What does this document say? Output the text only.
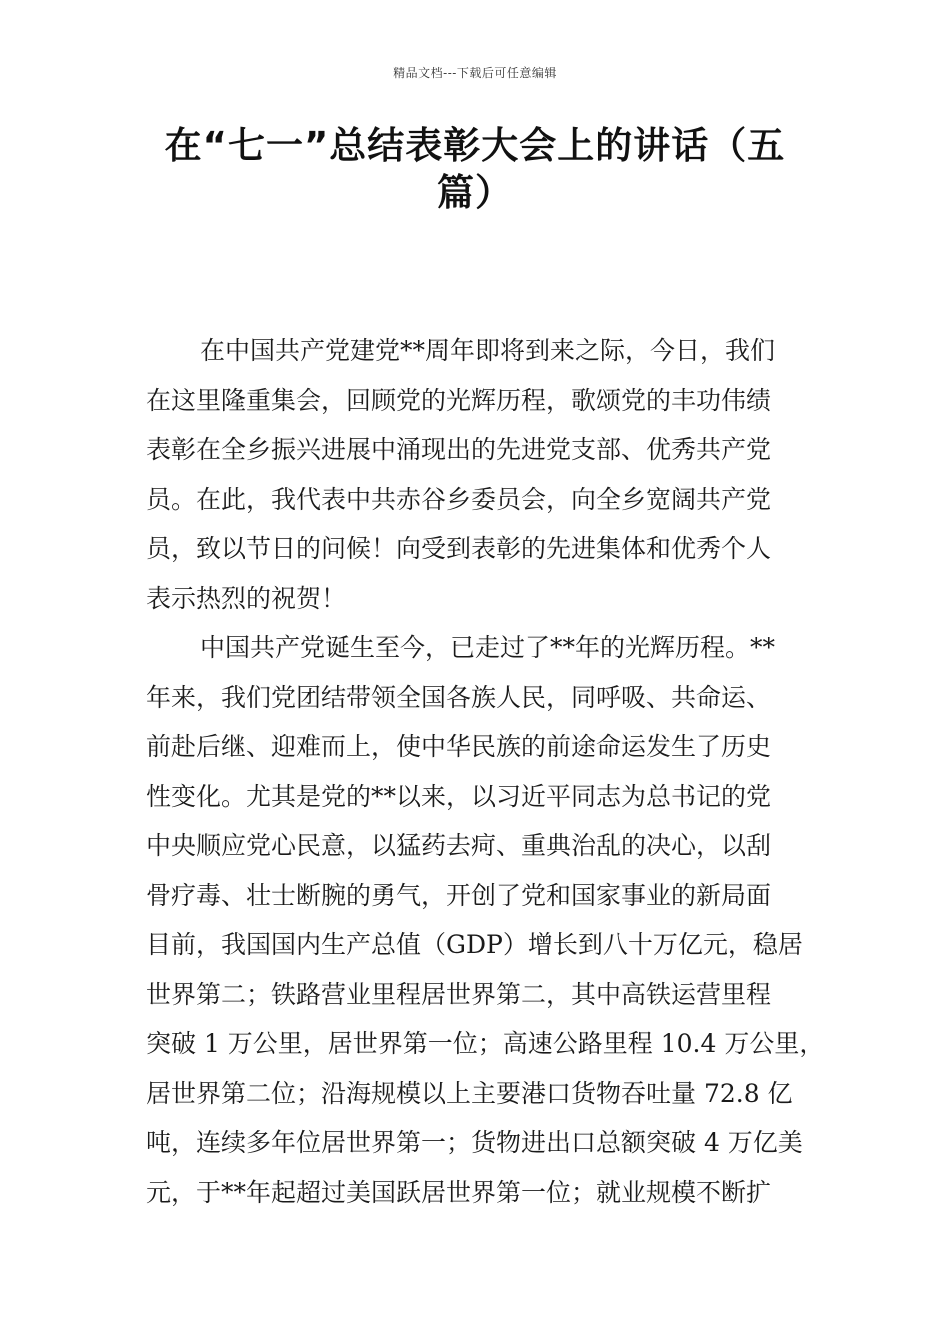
精品文档---下载后可任意编辑
在“七一”总结表彰大会上的讲话（五
篇）
在中国共产党建党**周年即将到来之际，今日，我们
在这里隆重集会，回顾党的光辉历程，歌颂党的丰功伟绩
表彰在全乡振兴进展中涌现出的先进党支部、优秀共产党
员。在此，我代表中共赤谷乡委员会，向全乡宽阔共产党
员，致以节日的问候！向受到表彰的先进集体和优秀个人
表示热烈的祝贺！
中国共产党诞生至今，已走过了**年的光辉历程。**
年来，我们党团结带领全国各族人民，同呼吸、共命运、
前赴后继、迎难而上，使中华民族的前途命运发生了历史
性变化。尤其是党的**以来，以习近平同志为总书记的党
中央顺应党心民意，以猛药去疴、重典治乱的决心，以刮
骨疗毒、壮士断腕的勇气，开创了党和国家事业的新局面
目前，我国国内生产总值（GDP）增长到八十万亿元，稳居
世界第二；铁路营业里程居世界第二，其中高铁运营里程
突破 1 万公里，居世界第一位；高速公路里程 10.4 万公里，
居世界第二位；沿海规模以上主要港口货物吞吐量 72.8 亿
吨，连续多年位居世界第一；货物进出口总额突破 4 万亿美
元，于**年起超过美国跃居世界第一位；就业规模不断扩
